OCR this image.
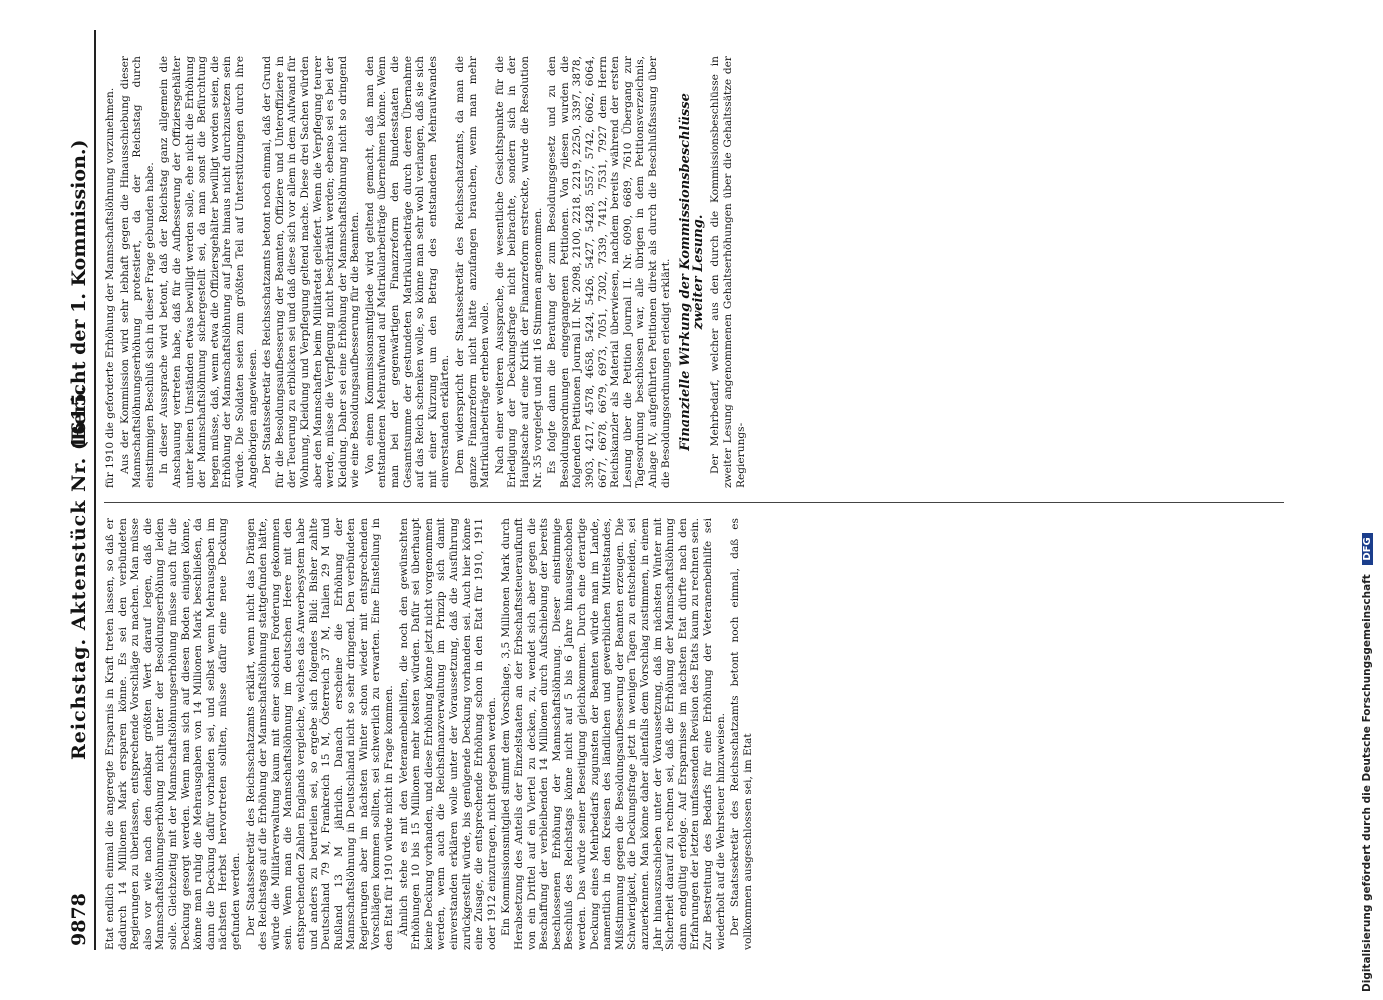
9878
Reichstag. Aktenstück Nr. 1615.
(Bericht der 1. Kommission.)

Etat endlich einmal die angeregte Ersparnis in Kraft treten lassen, so daß er dadurch 14 Millionen Mark ersparen könne. Es sei den verbündeten Regierungen zu überlassen, entsprechende Vorschläge zu machen. Man müsse also vor wie nach den denkbar größten Wert darauf legen, daß die Mannschaftslöhnungserhöhung nicht unter der Besoldungserhöhung leiden solle. Gleichzeitig mit der Mannschaftslöhnungserhöhung müsse auch für die Deckung gesorgt werden. Wenn man sich auf diesen Boden einigen könne, könne man ruhig die Mehrausgaben von 14 Millionen Mark beschließen, da dann die Deckung dafür vorhanden sei, und selbst wenn Mehrausgaben im nächsten Herbst hervortreten sollten, müsse dafür eine neue Deckung gefunden werden. Der Staatssekretär des Reichsschatzamts erklärt, wenn nicht das Drängen des Reichstags auf die Erhöhung der Mannschaftslöhnung stattgefunden hätte, würde die Militärverwaltung kaum mit einer solchen Forderung gekommen sein. Wenn man die Mannschaftslöhnung im deutschen Heere mit den entsprechenden Zahlen Englands vergleiche, welches das Anwerbesystem habe und anders zu beurteilen sei, so ergebe sich folgendes Bild: Bisher zahlte Deutschland 79 M, Frankreich 15 M, Österreich 37 M, Italien 29 M und Rußland 13 M jährlich. Danach erscheine die Erhöhung der Mannschaftslöhnung in Deutschland nicht so sehr dringend. Den verbündeten Regierungen aber im nächsten Winter schon wieder mit entsprechenden Vorschlägen kommen sollten, sei schwerlich zu erwarten. Eine Einstellung in den Etat für 1910 würde nicht in Frage kommen. Ähnlich stehe es mit den Veteranenbeihilfen, die noch den gewünschten Erhöhungen 10 bis 15 Millionen mehr kosten würden. Dafür sei überhaupt keine Deckung vorhanden, und diese Erhöhung könne jetzt nicht vorgenommen werden, wenn auch die Reichsfinanzverwaltung im Prinzip sich damit einverstanden erklären wolle unter der Voraussetzung, daß die Ausführung zurückgestellt würde, bis genügende Deckung vorhanden sei. Auch hier könne eine Zusage, die entsprechende Erhöhung schon in den Etat für 1910, 1911 oder 1912 einzutragen, nicht gegeben werden. Ein Kommissionsmitglied stimmt dem Vorschlage, 3,5 Millionen Mark durch Herabsetzung des Anteils der Einzelstaaten an der Erbschaftssteueraufkunft von ein Drittel auf ein Viertel zu decken, zu, wendet sich aber gegen die Beschaffung der verbleibenden 14 Millionen durch Aufschiebung der bereits beschlossenen Erhöhung der Mannschaftslöhnung. Dieser einstimmige Beschluß des Reichstags könne nicht auf 5 bis 6 Jahre hinausgeschoben werden. Das würde seiner Beseitigung gleichkommen. Durch eine derartige Deckung eines Mehrbedarfs zugunsten der Beamten würde man im Lande, namentlich in den Kreisen des ländlichen und gewerblichen Mittelstandes, Mißstimmung gegen die Besoldungsaufbesserung der Beamten erzeugen. Die Schwierigkeit, die Deckungsfrage jetzt in wenigen Tagen zu entscheiden, sei anzuerkennen. Man könne daher allenfalls dem Vorschlag zustimmen, in einem Jahr hinauszuschieben unter der Voraussetzung, daß im nächsten Winter mit Sicherheit darauf zu rechnen sei, daß die Erhöhung der Mannschaftslöhnung dann endgültig erfolge. Auf Ersparnisse im nächsten Etat dürfte nach den Erfahrungen der letzten umfassenden Revision des Etats kaum zu rechnen sein. Zur Bestreitung des Bedarfs für eine Erhöhung der Veteranenbeihilfe sei wiederholt auf die Wehrsteuer hinzuweisen. Der Staatssekretär des Reichsschatzamts betont noch einmal, daß es vollkommen ausgeschlossen sei, im Etat

für 1910 die geforderte Erhöhung der Mannschaftslöhnung vorzunehmen. Aus der Kommission wird sehr lebhaft gegen die Hinausschiebung dieser Mannschaftslöhnungserhöhung protestiert, da der Reichstag durch einstimmigen Beschluß sich in dieser Frage gebunden habe. In dieser Aussprache wird betont, daß der Reichstag ganz allgemein die Anschauung vertreten habe, daß für die Aufbesserung der Offiziersgehälter unter keinen Umständen etwas bewilligt werden solle, ehe nicht die Erhöhung der Mannschaftslöhnung sichergestellt sei, da man sonst die Befürchtung hegen müsse, daß, wenn etwa die Offiziersgehälter bewilligt worden seien, die Erhöhung der Mannschaftslöhnung auf Jahre hinaus nicht durchzusetzen sein würde. Die Soldaten seien zum größten Teil auf Unterstützungen durch ihre Angehörigen angewiesen. Der Staatssekretär des Reichsschatzamts betont noch einmal, daß der Grund für die Besoldungsaufbesserung der Beamten, Offiziere und Unteroffiziere in der Teuerung zu erblicken sei und daß diese sich vor allem in dem Aufwand für Wohnung, Kleidung und Verpflegung geltend mache. Diese drei Sachen würden aber den Mannschaften beim Militäretat geliefert. Wenn die Verpflegung teurer werde, müsse die Verpflegung nicht beschränkt werden; ebenso sei es bei der Kleidung. Daher sei eine Erhöhung der Mannschaftslöhnung nicht so dringend wie eine Besoldungsaufbesserung für die Beamten. Von einem Kommissionsmitgliede wird geltend gemacht, daß man den entstandenen Mehraufwand auf Matrikularbeiträge übernehmen könne. Wenn man bei der gegenwärtigen Finanzreform den Bundesstaaten die Gesamtsumme der gestundeten Matrikularbeiträge durch deren Übernahme auf das Reich schenken wolle, so könne man sehr wohl verlangen, daß sie sich mit einer Kürzung um den Betrag des entstandenen Mehraufwandes einverstanden erklärten. Dem widerspricht der Staatssekretär des Reichsschatzamts, da man die ganze Finanzreform nicht hätte anzufangen brauchen, wenn man mehr Matrikularbeiträge erheben wolle. Nach einer weiteren Aussprache, die wesentliche Gesichtspunkte für die Erledigung der Deckungsfrage nicht beibrachte, sondern sich in der Hauptsache auf eine Kritik der Finanzreform erstreckte, wurde die Resolution Nr. 35 vorgelegt und mit 16 Stimmen angenommen. Es folgte dann die Beratung der zum Besoldungsgesetz und zu den Besoldungsordnungen eingegangenen Petitionen. Von diesen wurden die folgenden Petitionen Journal II. Nr. 2098, 2100, 2218, 2219, 2250, 3397, 3878, 3903, 4217, 4578, 4658, 5424, 5426, 5427, 5428, 5557, 5742, 6062, 6064, 6677, 6678, 6679, 6973, 7051, 7302, 7339, 7412, 7531, 7927 dem Herrn Reichskanzler als Material überwiesen, nachdem bereits während der ersten Lesung über die Petition Journal II. Nr. 6090, 6689, 7610 Übergang zur Tagesordnung beschlossen war, alle übrigen in dem Petitionsverzeichnis, Anlage IV, aufgeführten Petitionen direkt als durch die Beschlußfassung über die Besoldungsordnungen erledigt erklärt. Finanzielle Wirkung der Kommissionsbeschlüsse
zweiter Lesung. Der Mehrbedarf, welcher aus den durch die Kommissionsbeschlüsse in zweiter Lesung angenommenen Gehaltserhöhungen über die Gehaltssätze der Regierungs-

Digitalisierung gefördert durch die Deutsche Forschungsgemeinschaft DFG
